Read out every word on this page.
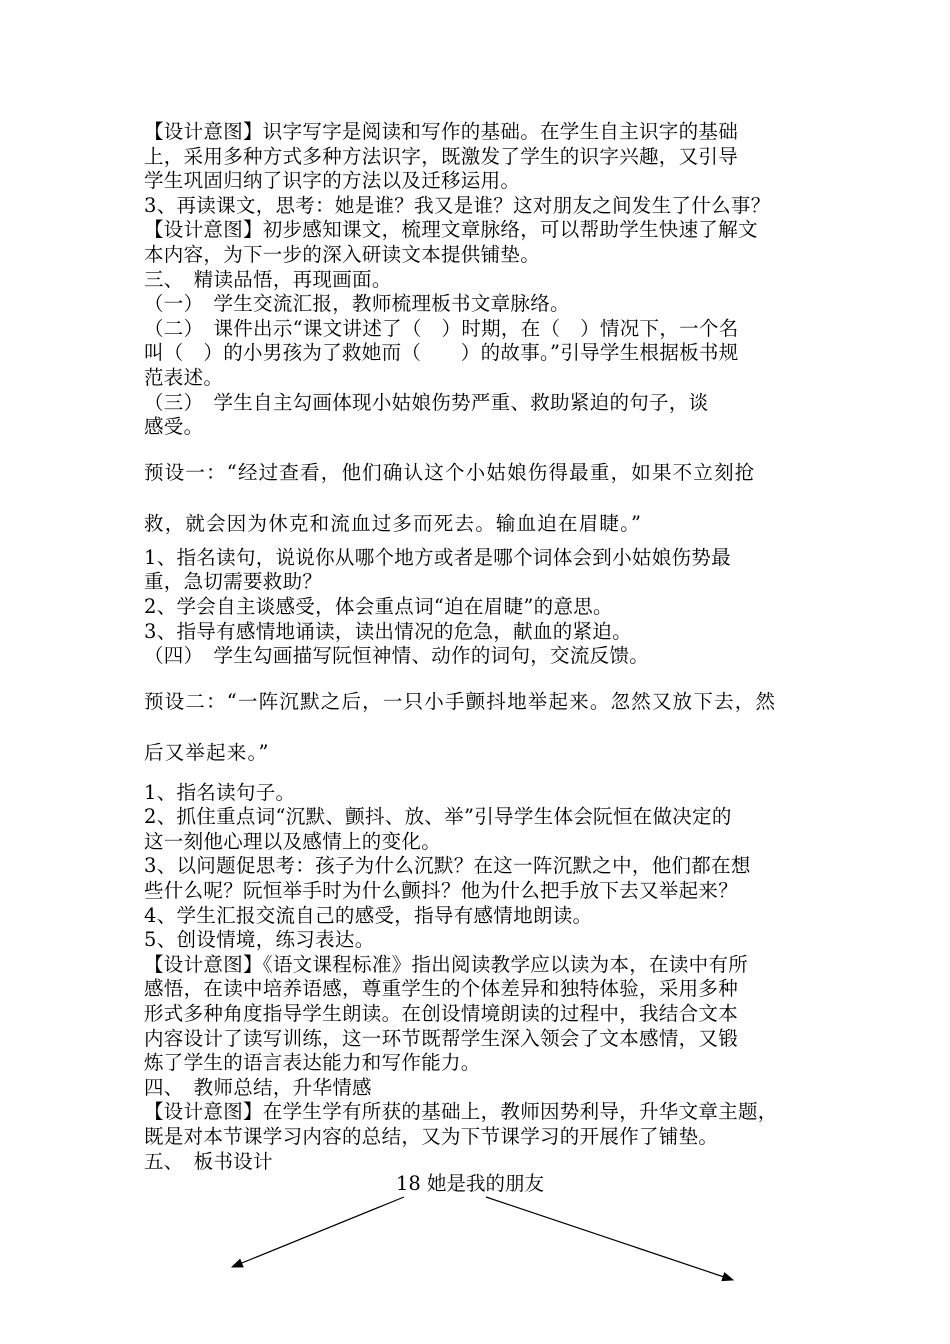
【设计意图】识字写字是阅读和写作的基础。在学生自主识字的基础
上，采用多种方式多种方法识字，既激发了学生的识字兴趣，又引导
学生巩固归纳了识字的方法以及迁移运用。
3、再读课文，思考：她是谁？我又是谁？这对朋友之间发生了什么事？
【设计意图】初步感知课文，梳理文章脉络，可以帮助学生快速了解文
本内容，为下一步的深入研读文本提供铺垫。
三、　精读品悟，再现画面。
（一）　学生交流汇报，教师梳理板书文章脉络。
（二）　课件出示“课文讲述了（　）时期，在（　）情况下，一个名
叫（　）的小男孩为了救她而（　　）的故事。”引导学生根据板书规
范表述。
（三）　学生自主勾画体现小姑娘伤势严重、救助紧迫的句子，谈
感受。
预设一：“经过查看，他们确认这个小姑娘伤得最重，如果不立刻抢
救，就会因为休克和流血过多而死去。输血迫在眉睫。”
1、指名读句，说说你从哪个地方或者是哪个词体会到小姑娘伤势最
重，急切需要救助？
2、学会自主谈感受，体会重点词“迫在眉睫”的意思。
3、指导有感情地诵读，读出情况的危急，献血的紧迫。
（四）　学生勾画描写阮恒神情、动作的词句，交流反馈。
预设二：“一阵沉默之后，一只小手颤抖地举起来。忽然又放下去，然
后又举起来。”
1、指名读句子。
2、抓住重点词“沉默、颤抖、放、举”引导学生体会阮恒在做决定的
这一刻他心理以及感情上的变化。
3、以问题促思考：孩子为什么沉默？在这一阵沉默之中，他们都在想
些什么呢？阮恒举手时为什么颤抖？他为什么把手放下去又举起来？
4、学生汇报交流自己的感受，指导有感情地朗读。
5、创设情境，练习表达。
【设计意图】《语文课程标准》指出阅读教学应以读为本，在读中有所
感悟，在读中培养语感，尊重学生的个体差异和独特体验，采用多种
形式多种角度指导学生朗读。在创设情境朗读的过程中，我结合文本
内容设计了读写训练，这一环节既帮学生深入领会了文本感情，又锻
炼了学生的语言表达能力和写作能力。
四、　教师总结，升华情感
【设计意图】在学生学有所获的基础上，教师因势利导，升华文章主题，
既是对本节课学习内容的总结，又为下节课学习的开展作了铺垫。
五、　板书设计
18 她是我的朋友
